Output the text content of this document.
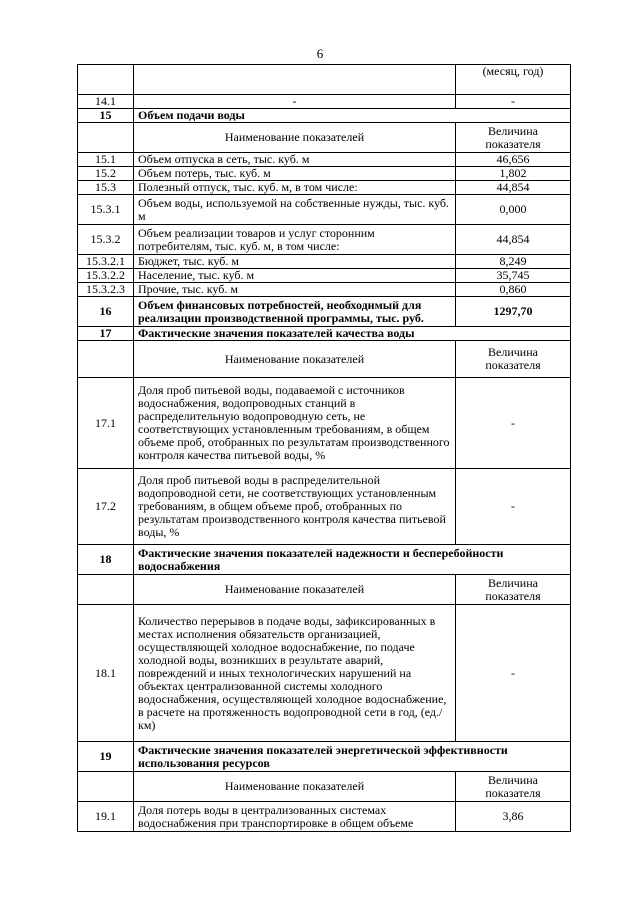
6
		(месяц, год)
14.1	-	-
15	Объем подачи воды	
	Наименование показателей	Величина показателя
15.1	Объем отпуска в сеть, тыс. куб. м	46,656
15.2	Объем потерь, тыс. куб. м	1,802
15.3	Полезный отпуск, тыс. куб. м, в том числе:	44,854
15.3.1	Объем воды, используемой на собственные нужды, тыс. куб. м	0,000
15.3.2	Объем реализации товаров и услуг сторонним потребителям, тыс. куб. м, в том числе:	44,854
15.3.2.1	Бюджет, тыс. куб. м	8,249
15.3.2.2	Население, тыс. куб. м	35,745
15.3.2.3	Прочие, тыс. куб. м	0,860
16	Объем финансовых потребностей, необходимый для реализации производственной программы, тыс. руб.	1297,70
17	Фактические значения показателей качества воды	
	Наименование показателей	Величина показателя
17.1	Доля проб питьевой воды, подаваемой с источников водоснабжения, водопроводных станций в распределительную водопроводную сеть, не соответствующих установленным требованиям, в общем объеме проб, отобранных по результатам производственного контроля качества питьевой воды, %	-
17.2	Доля проб питьевой воды в распределительной водопроводной сети, не соответствующих установленным требованиям, в общем объеме проб, отобранных по результатам производственного контроля качества питьевой воды, %	-
18	Фактические значения показателей надежности и бесперебойности водоснабжения	
	Наименование показателей	Величина показателя
18.1	Количество перерывов в подаче воды, зафиксированных в местах исполнения обязательств организацией, осуществляющей холодное водоснабжение, по подаче холодной воды, возникших в результате аварий, повреждений и иных технологических нарушений на объектах централизованной системы холодного водоснабжения, осуществляющей холодное водоснабжение, в расчете на протяженность водопроводной сети в год, (ед./км)	-
19	Фактические значения показателей энергетической эффективности использования ресурсов	
	Наименование показателей	Величина показателя
19.1	Доля потерь воды в централизованных системах водоснабжения при транспортировке в общем объеме	3,86
